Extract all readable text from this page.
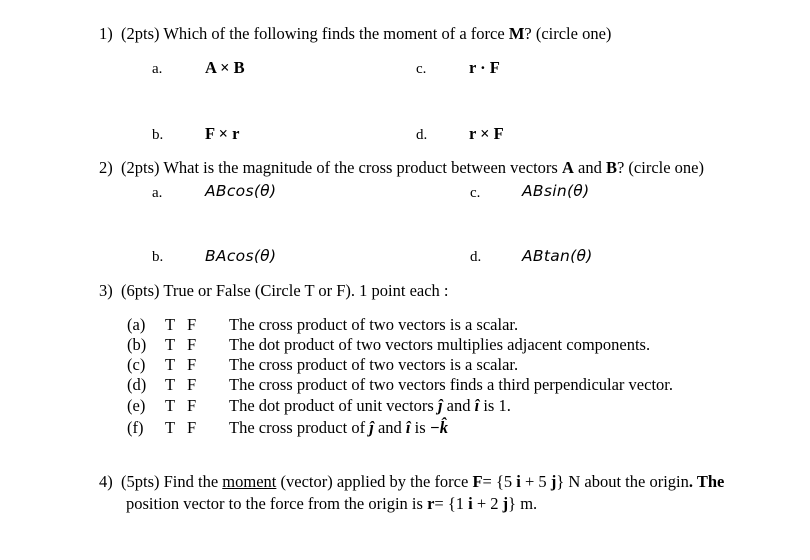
1) (2pts) Which of the following finds the moment of a force M? (circle one)
a.	A × B	c.	r · F
b.	F × r	d.	r × F
2) (2pts) What is the magnitude of the cross product between vectors A and B? (circle one)
a.	ABcos(θ)	c.	ABsin(θ)
b.	BAcos(θ)	d.	ABtan(θ)
3) (6pts) True or False (Circle T or F). 1 point each :
(a) T F	The cross product of two vectors is a scalar.
(b) T F	The dot product of two vectors multiplies adjacent components.
(c) T F	The cross product of two vectors is a scalar.
(d) T F	The cross product of two vectors finds a third perpendicular vector.
(e) T F	The dot product of unit vectors ĵ and î is 1.
(f) T F	The cross product of ĵ and î is −k̂
4) (5pts) Find the moment (vector) applied by the force F= {5 i + 5 j} N about the origin. The
position vector to the force from the origin is r= {1 i + 2 j} m.
